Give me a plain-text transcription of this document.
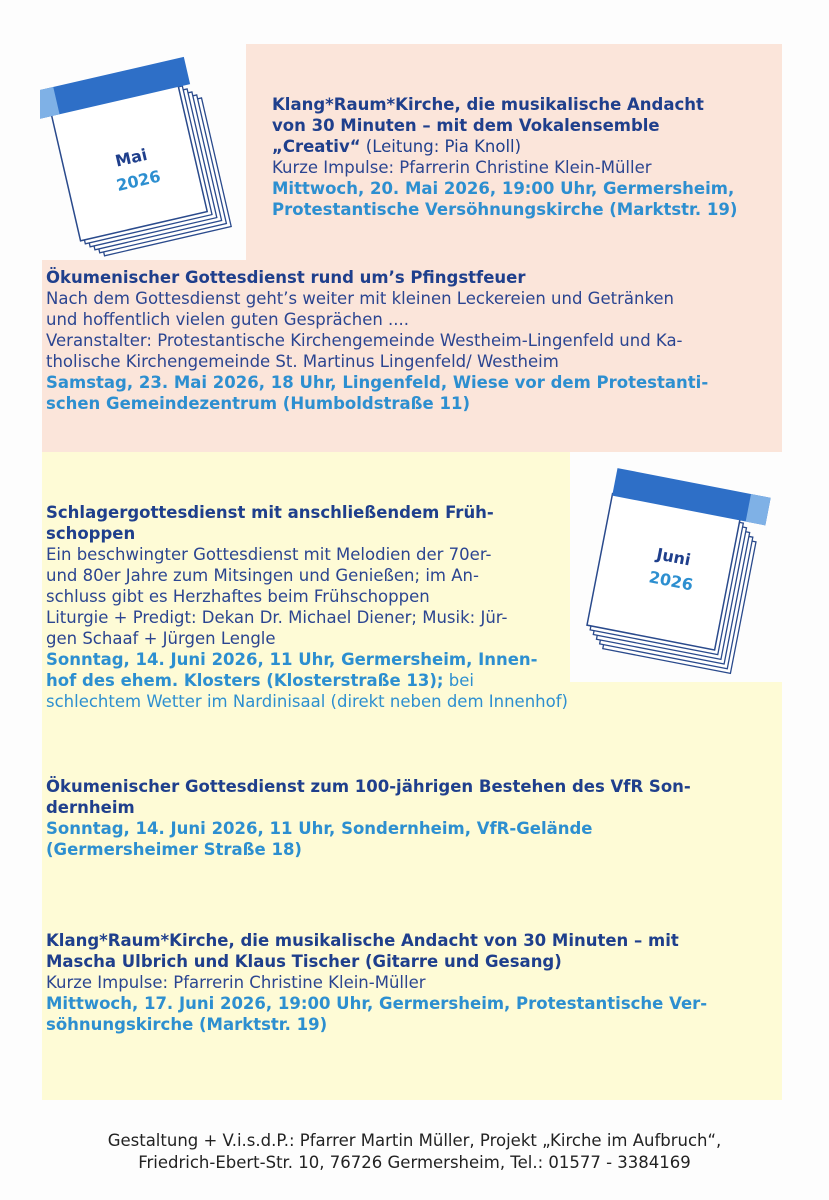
Mai
2026
Juni
2026

Klang*Raum*Kirche, die musikalische Andacht

von 30 Minuten – mit dem Vokalensemble

„Creativ“ (Leitung: Pia Knoll)

Kurze Impulse: Pfarrerin Christine Klein-Müller

Mittwoch, 20. Mai 2026, 19:00 Uhr, Germersheim,

Protestantische Versöhnungskirche (Marktstr. 19)

Ökumenischer Gottesdienst rund um’s Pfingstfeuer

Nach dem Gottesdienst geht’s weiter mit kleinen Leckereien und Getränken

und hoffentlich vielen guten Gesprächen ....

Veranstalter: Protestantische Kirchengemeinde Westheim-Lingenfeld und Ka-

tholische Kirchengemeinde St. Martinus Lingenfeld/ Westheim

Samstag, 23. Mai 2026, 18 Uhr, Lingenfeld, Wiese vor dem Protestanti-

schen Gemeindezentrum (Humboldstraße 11)

Schlagergottesdienst mit anschließendem Früh-

schoppen

Ein beschwingter Gottesdienst mit Melodien der 70er-

und 80er Jahre zum Mitsingen und Genießen; im An-

schluss gibt es Herzhaftes beim Frühschoppen

Liturgie + Predigt: Dekan Dr. Michael Diener; Musik: Jür-

gen Schaaf + Jürgen Lengle

Sonntag, 14. Juni 2026, 11 Uhr, Germersheim, Innen-

hof des ehem. Klosters (Klosterstraße 13); bei

schlechtem Wetter im Nardinisaal (direkt neben dem Innenhof)

Ökumenischer Gottesdienst zum 100-jährigen Bestehen des VfR Son-

dernheim

Sonntag, 14. Juni 2026, 11 Uhr, Sondernheim, VfR-Gelände

(Germersheimer Straße 18)

Klang*Raum*Kirche, die musikalische Andacht von 30 Minuten – mit

Mascha Ulbrich und Klaus Tischer (Gitarre und Gesang)

Kurze Impulse: Pfarrerin Christine Klein-Müller

Mittwoch, 17. Juni 2026, 19:00 Uhr, Germersheim, Protestantische Ver-

söhnungskirche (Marktstr. 19)

Gestaltung + V.i.s.d.P.: Pfarrer Martin Müller, Projekt „Kirche im Aufbruch“,

Friedrich-Ebert-Str. 10, 76726 Germersheim, Tel.: 01577 - 3384169
